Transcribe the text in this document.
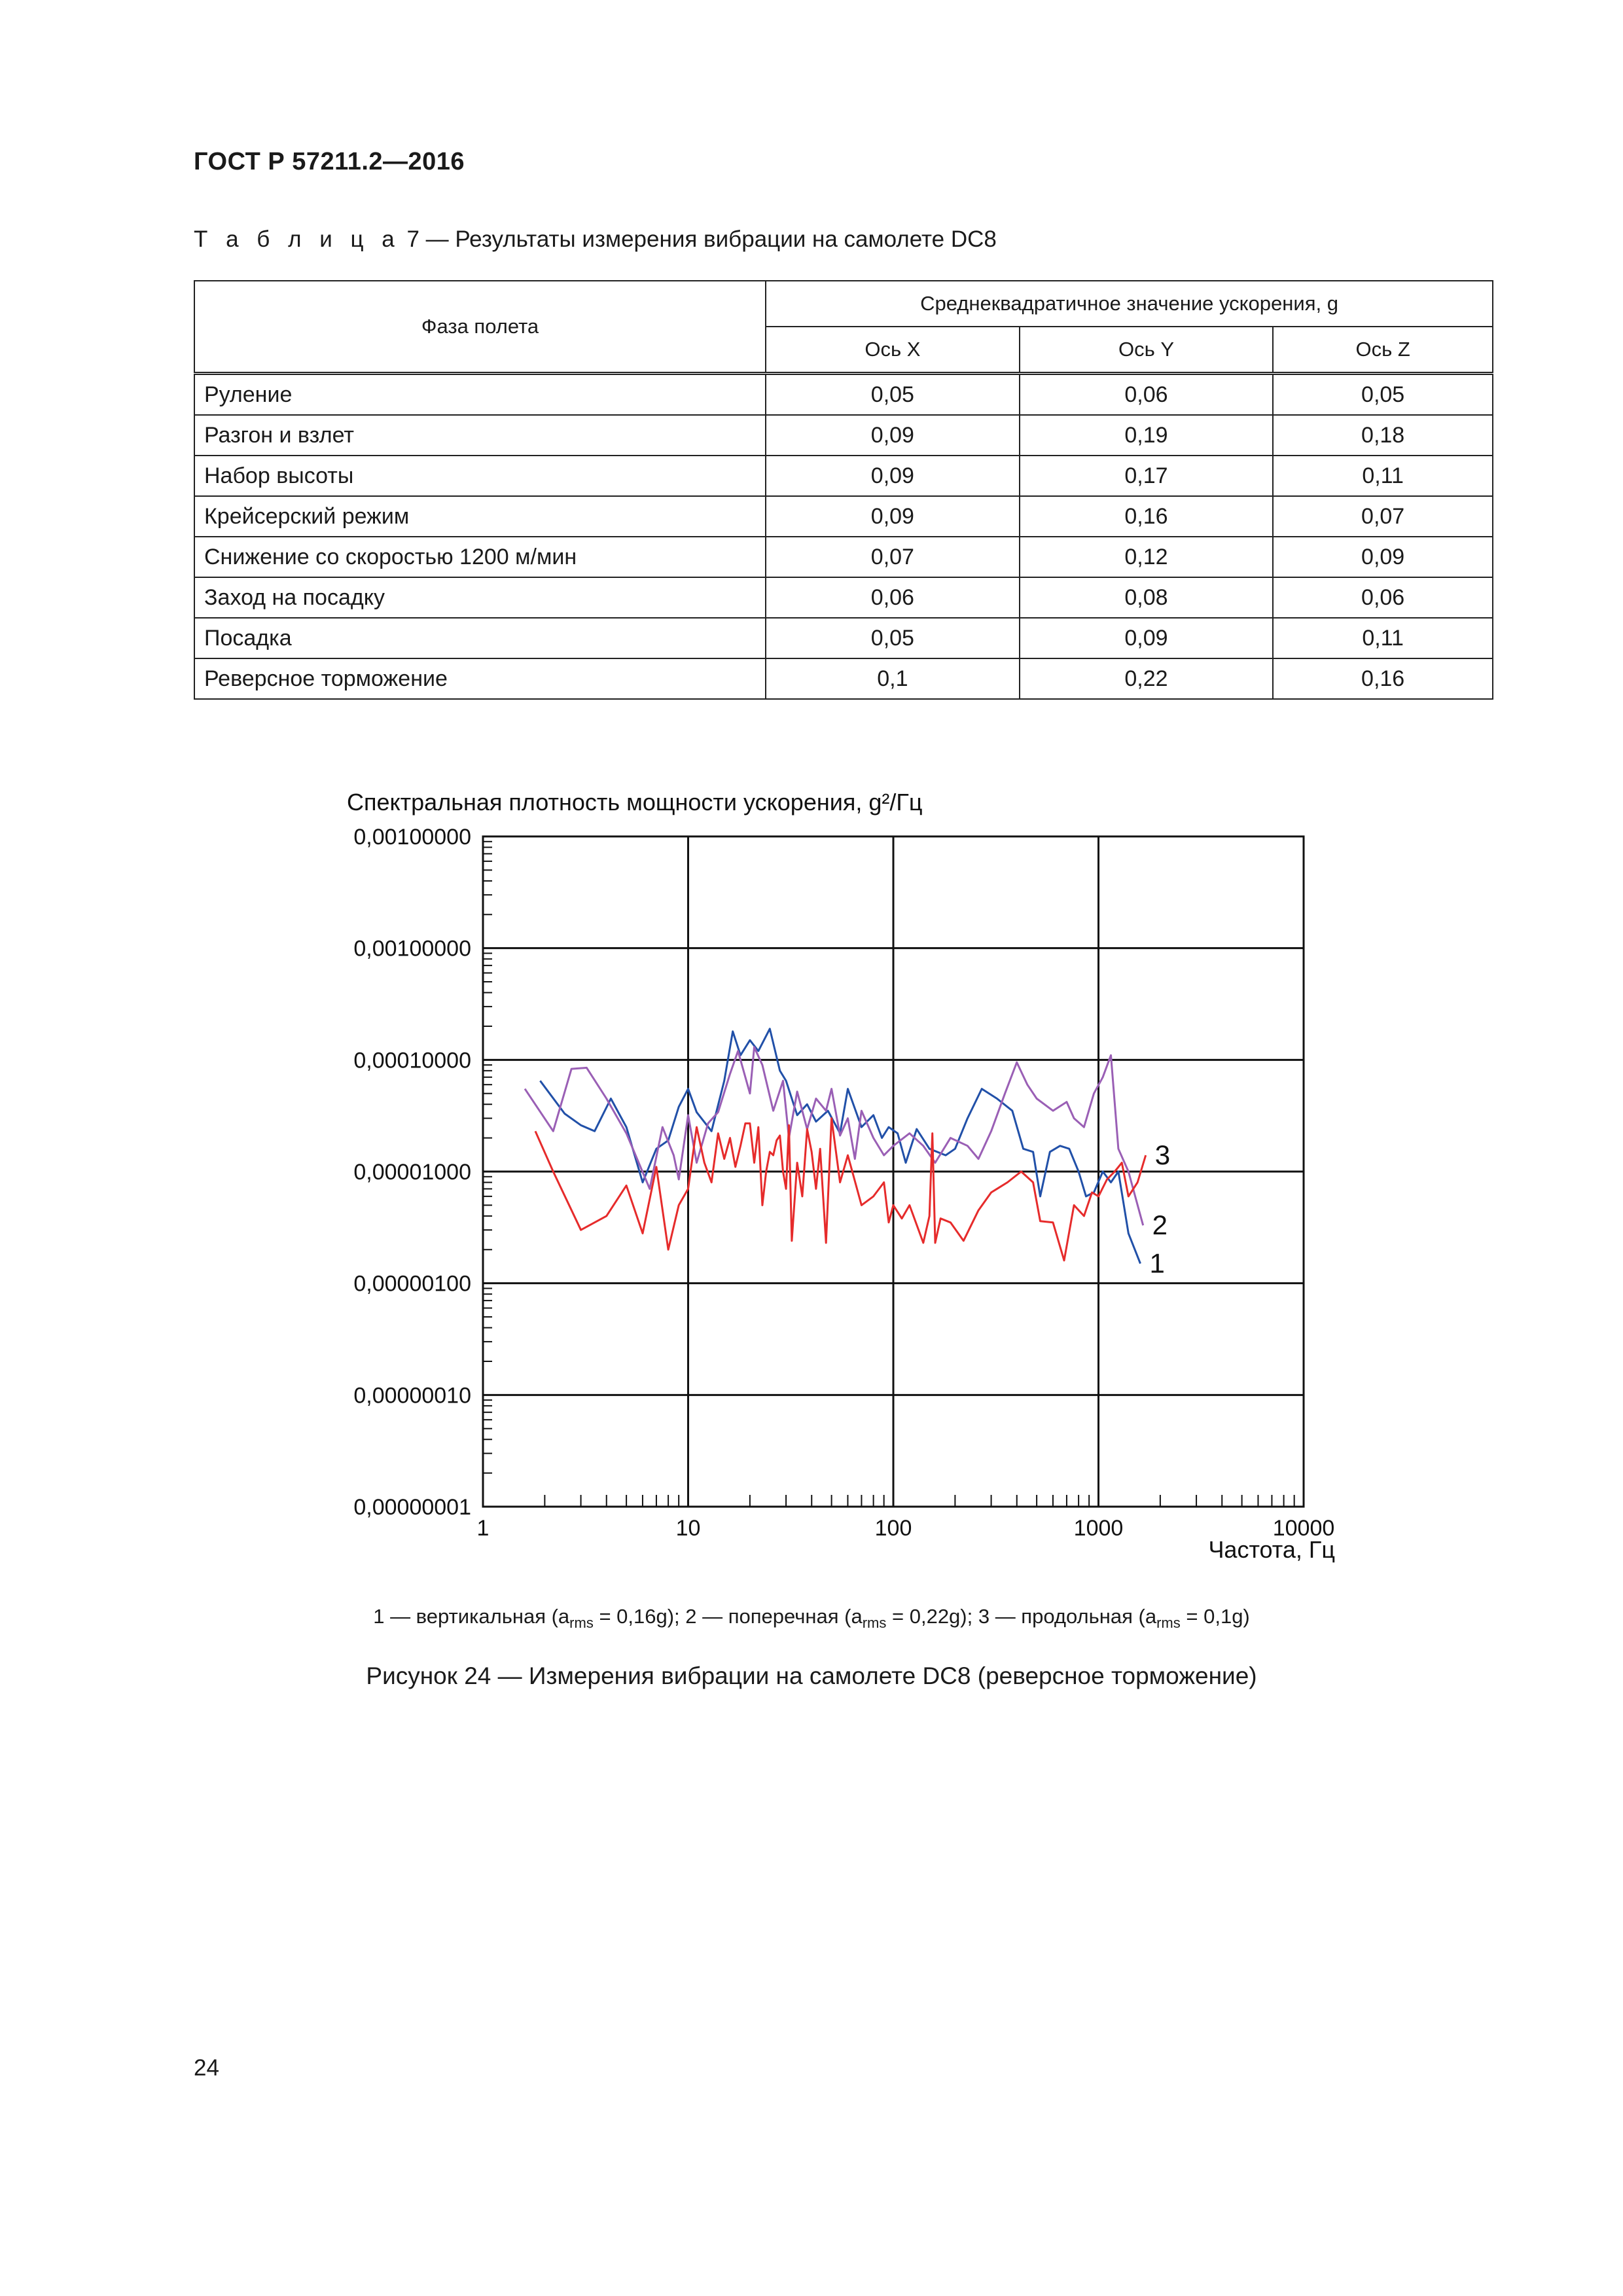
ГОСТ Р 57211.2—2016
Т а б л и ц а 7 — Результаты измерения вибрации на самолете DC8
Фаза полета	Среднеквадратичное значение ускорения, g		
	Ось X	Ось Y	Ось Z
Руление	0,05	0,06	0,05
Разгон и взлет	0,09	0,19	0,18
Набор высоты	0,09	0,17	0,11
Крейсерский режим	0,09	0,16	0,07
Снижение со скоростью 1200 м/мин	0,07	0,12	0,09
Заход на посадку	0,06	0,08	0,06
Посадка	0,05	0,09	0,11
Реверсное торможение	0,1	0,22	0,16
Спектральная плотность мощности ускорения, g²/Гц
1
2
3
1	10	100	1000	10000
0,00000001
0,00000010
0,00000100
0,00001000
0,00010000
0,00100000
0,00100000
Частота, Гц
1 — вертикальная $(a_{rms} = 0,16g)$; 2 — поперечная $(a_{rms} = 0,22g)$; 3 — продольная $(a_{rms} = 0,1g)$
Рисунок 24 — Измерения вибрации на самолете DC8 (реверсное торможение)
24
